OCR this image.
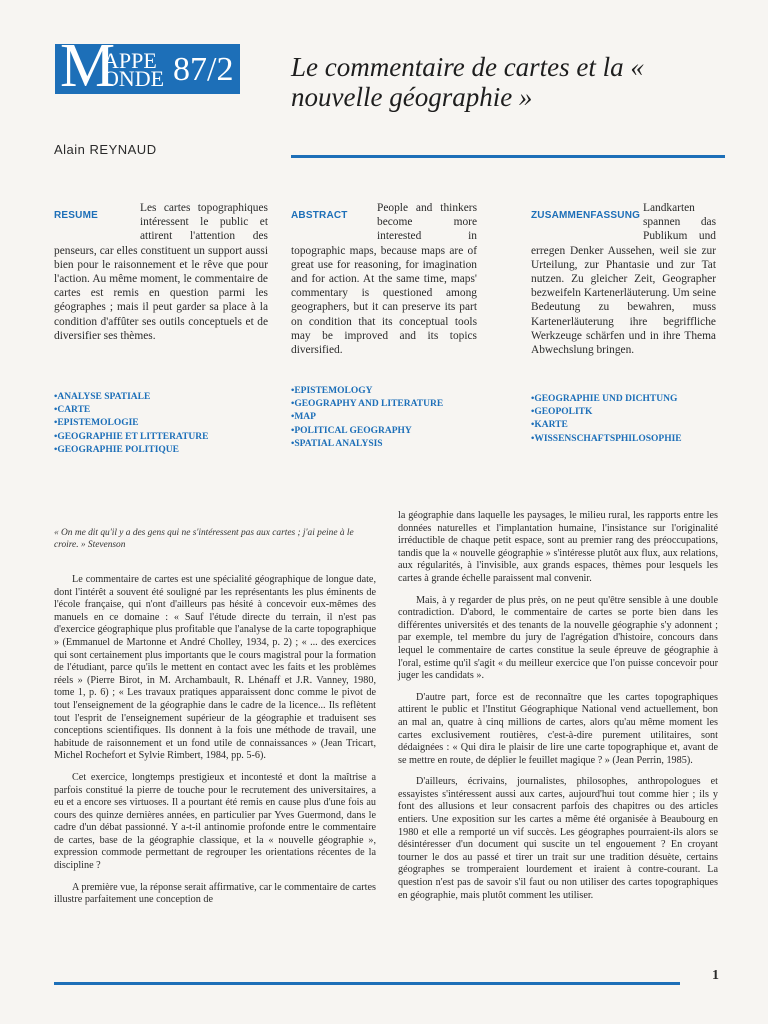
M
APPE
ONDE 87/2 Le commentaire de cartes et la « nouvelle géographie »
Alain REYNAUD
RESUME

Les cartes topographiques intéressent le public et attirent l'attention des penseurs, car elles constituent un support aussi bien pour le raisonnement et le rêve que pour l'action. Au même moment, le commentaire de cartes est remis en question parmi les géographes ; mais il peut garder sa place à la condition d'affûter ses outils conceptuels et de diversifier ses thèmes.

• ANALYSE SPATIALE
• CARTE
• EPISTEMOLOGIE
• GEOGRAPHIE ET LITTERATURE
• GEOGRAPHIE POLITIQUE
ABSTRACT

People and thinkers become more interested in topographic maps, because maps are of great use for reasoning, for imagination and for action. At the same time, maps' commentary is questioned among geographers, but it can preserve its part on condition that its conceptual tools may be improved and its topics diversified.

• EPISTEMOLOGY
• GEOGRAPHY AND LITERATURE
• MAP
• POLITICAL GEOGRAPHY
• SPATIAL ANALYSIS
ZUSAMMENFASSUNG

Landkarten spannen das Publikum und erregen Denker Aussehen, weil sie zur Urteilung, zur Phantasie und zur Tat nutzen. Zu gleicher Zeit, Geographer bezweifeln Kartenerläuterung. Um seine Bedeutung zu bewahren, muss Kartenerläuterung ihre begriffliche Werkzeuge schärfen und in ihre Thema Abwechslung bringen.

• GEOGRAPHIE UND DICHTUNG
• GEOPOLITK
• KARTE
• WISSENSCHAFTSPHILOSOPHIE
« On me dit qu'il y a des gens qui ne s'intéressent pas aux cartes ; j'ai peine à le croire. » Stevenson

Le commentaire de cartes est une spécialité géographique de longue date, dont l'intérêt a souvent été souligné par les représentants les plus éminents de l'école française, qui n'ont d'ailleurs pas hésité à concevoir eux-mêmes des manuels en ce domaine : « Sauf l'étude directe du terrain, il n'est pas d'exercice géographique plus profitable que l'analyse de la carte topographique » (Emmanuel de Martonne et André Cholley, 1934, p. 2) ; « ... des exercices qui sont certainement plus importants que le cours magistral pour la formation de l'étudiant, parce qu'ils le mettent en contact avec les faits et les problèmes réels » (Pierre Birot, in M. Archambault, R. Lhénaff et J.R. Vanney, 1980, tome 1, p. 6) ; « Les travaux pratiques apparaissent donc comme le pivot de tout l'enseignement de la géographie dans le cadre de la licence... Ils reflètent tout l'esprit de l'enseignement supérieur de la géographie et traduisent ses conceptions scientifiques. Ils donnent à la fois une méthode de travail, une habitude de raisonnement et un fond utile de connaissances » (Jean Tricart, Michel Rochefort et Sylvie Rimbert, 1984, pp. 5-6).

Cet exercice, longtemps prestigieux et incontesté et dont la maîtrise a parfois constitué la pierre de touche pour le recrutement des universitaires, a eu et a encore ses virtuoses. Il a pourtant été remis en cause plus d'une fois au cours des quinze dernières années, en particulier par Yves Guermond, dans le cadre d'un débat passionné. Y a-t-il antinomie profonde entre le commentaire de cartes, base de la géographie classique, et la « nouvelle géographie », expression commode permettant de regrouper les orientations récentes de la discipline ?

A première vue, la réponse serait affirmative, car le commentaire de cartes illustre parfaitement une conception de

la géographie dans laquelle les paysages, le milieu rural, les rapports entre les données naturelles et l'implantation humaine, l'insistance sur l'originalité irréductible de chaque petit espace, sont au premier rang des préoccupations, tandis que la « nouvelle géographie » s'intéresse plutôt aux flux, aux relations, aux régularités, à l'invisible, aux grands espaces, thèmes pour lesquels les cartes à grande échelle paraissent mal convenir.

Mais, à y regarder de plus près, on ne peut qu'être sensible à une double contradiction. D'abord, le commentaire de cartes se porte bien dans les différentes universités et des tenants de la nouvelle géographie s'y adonnent ; par exemple, tel membre du jury de l'agrégation d'histoire, concours dans lequel le commentaire de cartes constitue la seule épreuve de géographie à l'oral, estime qu'il s'agit « du meilleur exercice que l'on puisse concevoir pour juger les candidats ».

D'autre part, force est de reconnaître que les cartes topographiques attirent le public et l'Institut Géographique National vend actuellement, bon an mal an, quatre à cinq millions de cartes, alors qu'au même moment les cartes exclusivement routières, c'est-à-dire purement utilitaires, sont dédaignées : « Qui dira le plaisir de lire une carte topographique et, avant de se mettre en route, de déplier le feuillet magique ? » (Jean Perrin, 1985).

D'ailleurs, écrivains, journalistes, philosophes, anthropologues et essayistes s'intéressent aussi aux cartes, aujourd'hui tout comme hier ; ils y font des allusions et leur consacrent parfois des chapitres ou des articles entiers. Une exposition sur les cartes a même été organisée à Beaubourg en 1980 et elle a remporté un vif succès. Les géographes pourraient-ils alors se désintéresser d'un document qui suscite un tel engouement ? En croyant tourner le dos au passé et tirer un trait sur une tradition désuète, certains géographes se tromperaient lourdement et iraient à contre-courant. La question n'est pas de savoir s'il faut ou non utiliser des cartes topographiques en géographie, mais plutôt comment les utiliser.

1
